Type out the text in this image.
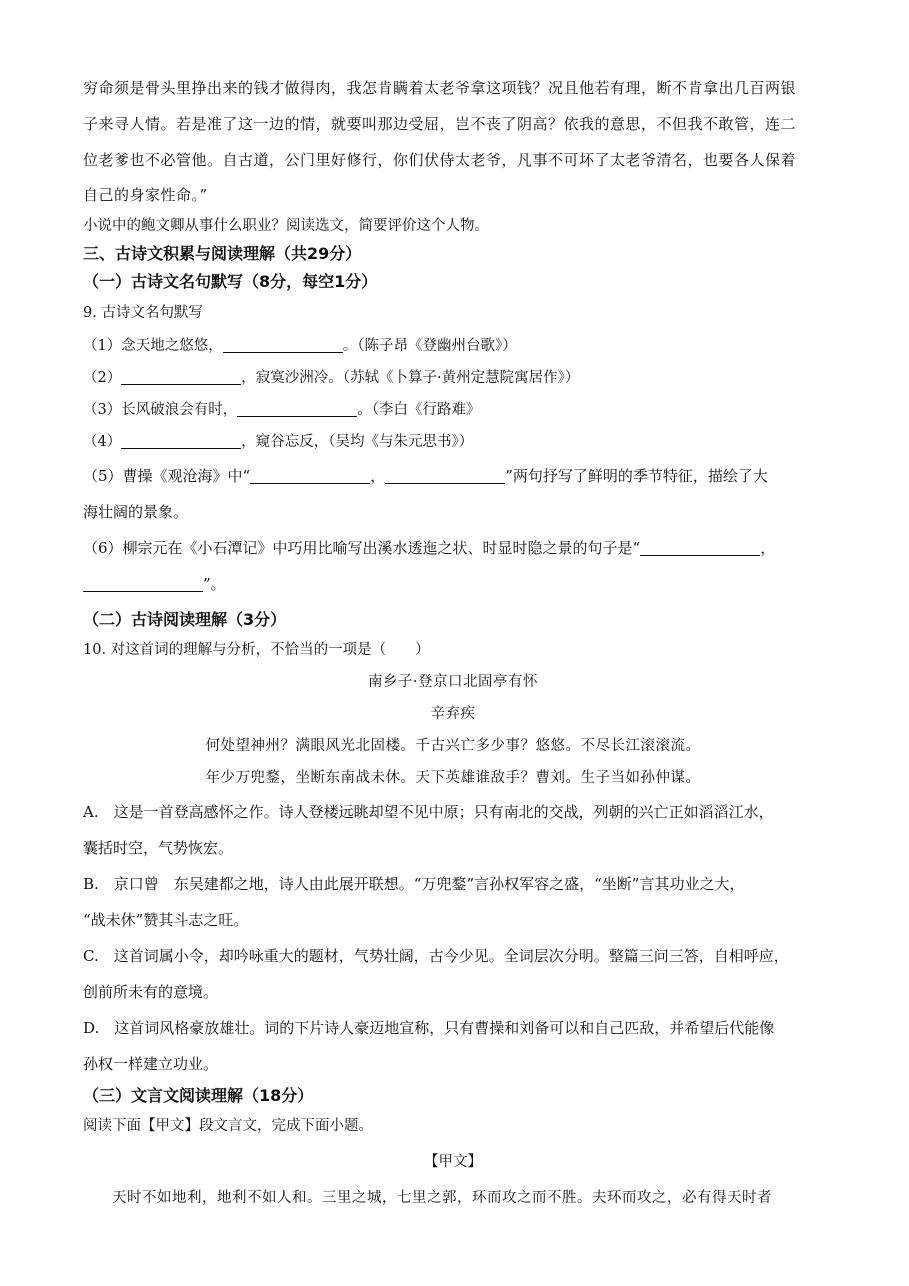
穷命须是骨头里挣出来的钱才做得肉，我怎肯瞒着太老爷拿这项钱？况且他若有理，断不肯拿出几百两银

子来寻人情。若是准了这一边的情，就要叫那边受屈，岂不丧了阴高？依我的意思，不但我不敢管，连二

位老爹也不必管他。自古道，公门里好修行，你们伏侍太老爷，凡事不可坏了太老爷清名，也要各人保着

自己的身家性命。”

小说中的鲍文卿从事什么职业？阅读选文，简要评价这个人物。

三、古诗文积累与阅读理解（共29分）

（一）古诗文名句默写（8分，每空1分）

9. 古诗文名句默写

（1）念天地之悠悠，	。（陈子昂《登幽州台歌》）

（2）	，寂寞沙洲冷。（苏轼《卜算子·黄州定慧院寓居作》）

（3）长风破浪会有时，	。（李白《行路难》

（4）	，窥谷忘反，（吴均《与朱元思书》）

（5）曹操《观沧海》中“	，	”两句抒写了鲜明的季节特征，描绘了大

海壮阔的景象。

（6）柳宗元在《小石潭记》中巧用比喻写出溪水透迤之状、时显时隐之景的句子是“	，

”。

（二）古诗阅读理解（3分）

10. 对这首词的理解与分析，不恰当的一项是（　　）

南乡子·登京口北固亭有怀

辛弃疾

何处望神州？满眼风光北固楼。千古兴亡多少事？悠悠。不尽长江滚滚流。

年少万兜鍪，坐断东南战未休。天下英雄谁敌手？曹刘。生子当如孙仲谋。

A.　这是一首登高感怀之作。诗人登楼远眺却望不见中原；只有南北的交战，列朝的兴亡正如滔滔江水，

囊括时空，气势恢宏。

B.　京口曾　东吴建都之地，诗人由此展开联想。“万兜鍪”言孙权军容之盛，“坐断”言其功业之大，

“战未休”赞其斗志之旺。

C.　这首词属小令，却吟咏重大的题材，气势壮阔，古今少见。全词层次分明。整篇三问三答，自相呼应，

创前所未有的意境。

D.　这首词风格豪放雄壮。词的下片诗人豪迈地宣称，只有曹操和刘备可以和自己匹敌，并希望后代能像

孙权一样建立功业。

（三）文言文阅读理解（18分）

阅读下面【甲文】段文言文，完成下面小题。

【甲文】

天时不如地利，地利不如人和。三里之城，七里之郭，环而攻之而不胜。夫环而攻之，必有得天时者
